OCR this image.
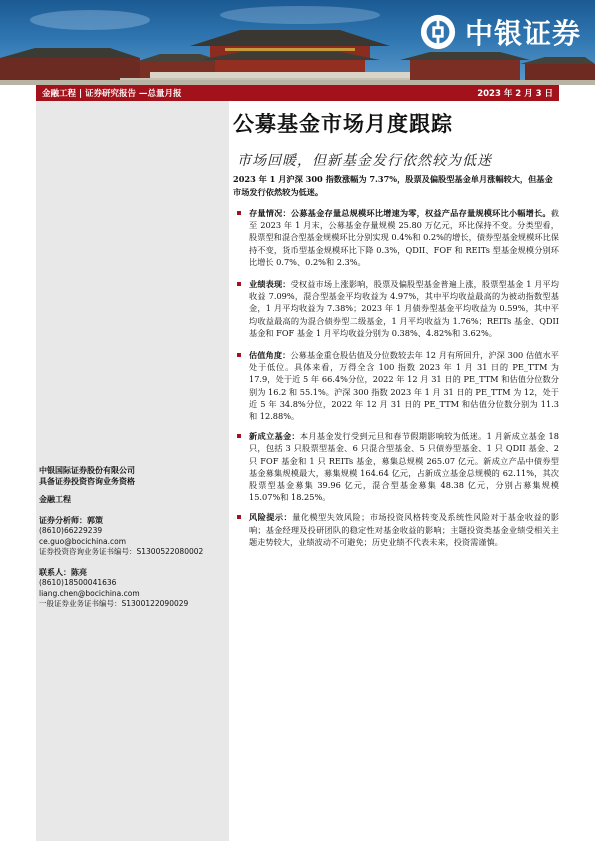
中银证券
金融工程 | 证券研究报告 —总量月报	2023 年 2 月 3 日
中银国际证券股份有限公司
具备证券投资咨询业务资格
金融工程
证券分析师：郭策
(8610)66229239
ce.guo@bocichina.com
证券投资咨询业务证书编号：S1300522080002
联系人：陈亮
(8610)18500041636
liang.chen@bocichina.com
一般证券业务证书编号：S1300122090029
公募基金市场月度跟踪
市场回暖，但新基金发行依然较为低迷
2023 年 1 月沪深 300 指数涨幅为 7.37%，股票及偏股型基金单月涨幅较大，但基金市场发行依然较为低迷。
存量情况：公募基金存量总规模环比增速为零，权益产品存量规模环比小幅增长。截至 2023 年 1 月末，公募基金存量规模 25.80 万亿元，环比保持不变。分类型看，股票型和混合型基金规模环比分别实现 0.4%和 0.2%的增长，债券型基金规模环比保持不变，货币型基金规模环比下降 0.3%，QDII、FOF 和 REITs 型基金规模分别环比增长 0.7%、0.2%和 2.3%。
业绩表现：受权益市场上涨影响，股票及偏股型基金普遍上涨，股票型基金 1 月平均收益 7.09%，混合型基金平均收益为 4.97%，其中平均收益最高的为被动指数型基金，1 月平均收益为 7.38%；2023 年 1 月债券型基金平均收益为 0.59%，其中平均收益最高的为混合债券型二级基金，1 月平均收益为 1.76%；REITs 基金、QDII 基金和 FOF 基金 1 月平均收益分别为 0.38%、4.82%和 3.62%。
估值角度：公募基金重仓股估值及分位数较去年 12 月有所回升，沪深 300 估值水平处于低位。具体来看，万得全含 100 指数 2023 年 1 月 31 日的 PE_TTM 为 17.9，处于近 5 年 66.4%分位，2022 年 12 月 31 日的 PE_TTM 和估值分位数分别为 16.2 和 55.1%。沪深 300 指数 2023 年 1 月 31 日的 PE_TTM 为 12，处于近 5 年 34.8%分位，2022 年 12 月 31 日的 PE_TTM 和估值分位数分别为 11.3 和 12.88%。
新成立基金：本月基金发行受到元旦和春节假期影响较为低迷。1 月新成立基金 18 只，包括 3 只股票型基金、6 只混合型基金、5 只债券型基金、1 只 QDII 基金、2 只 FOF 基金和 1 只 REITs 基金，募集总规模 265.07 亿元。新成立产品中债券型基金募集规模最大，募集规模 164.64 亿元，占新成立基金总规模的 62.11%，其次股票型基金募集 39.96 亿元，混合型基金募集 48.38 亿元，分别占募集规模 15.07%和 18.25%。
风险提示：量化模型失效风险；市场投资风格转变及系统性风险对于基金收益的影响；基金经理及投研团队的稳定性对基金收益的影响；主题投资类基金业绩受相关主题走势较大，业绩波动不可避免；历史业绩不代表未来，投资需谨慎。
